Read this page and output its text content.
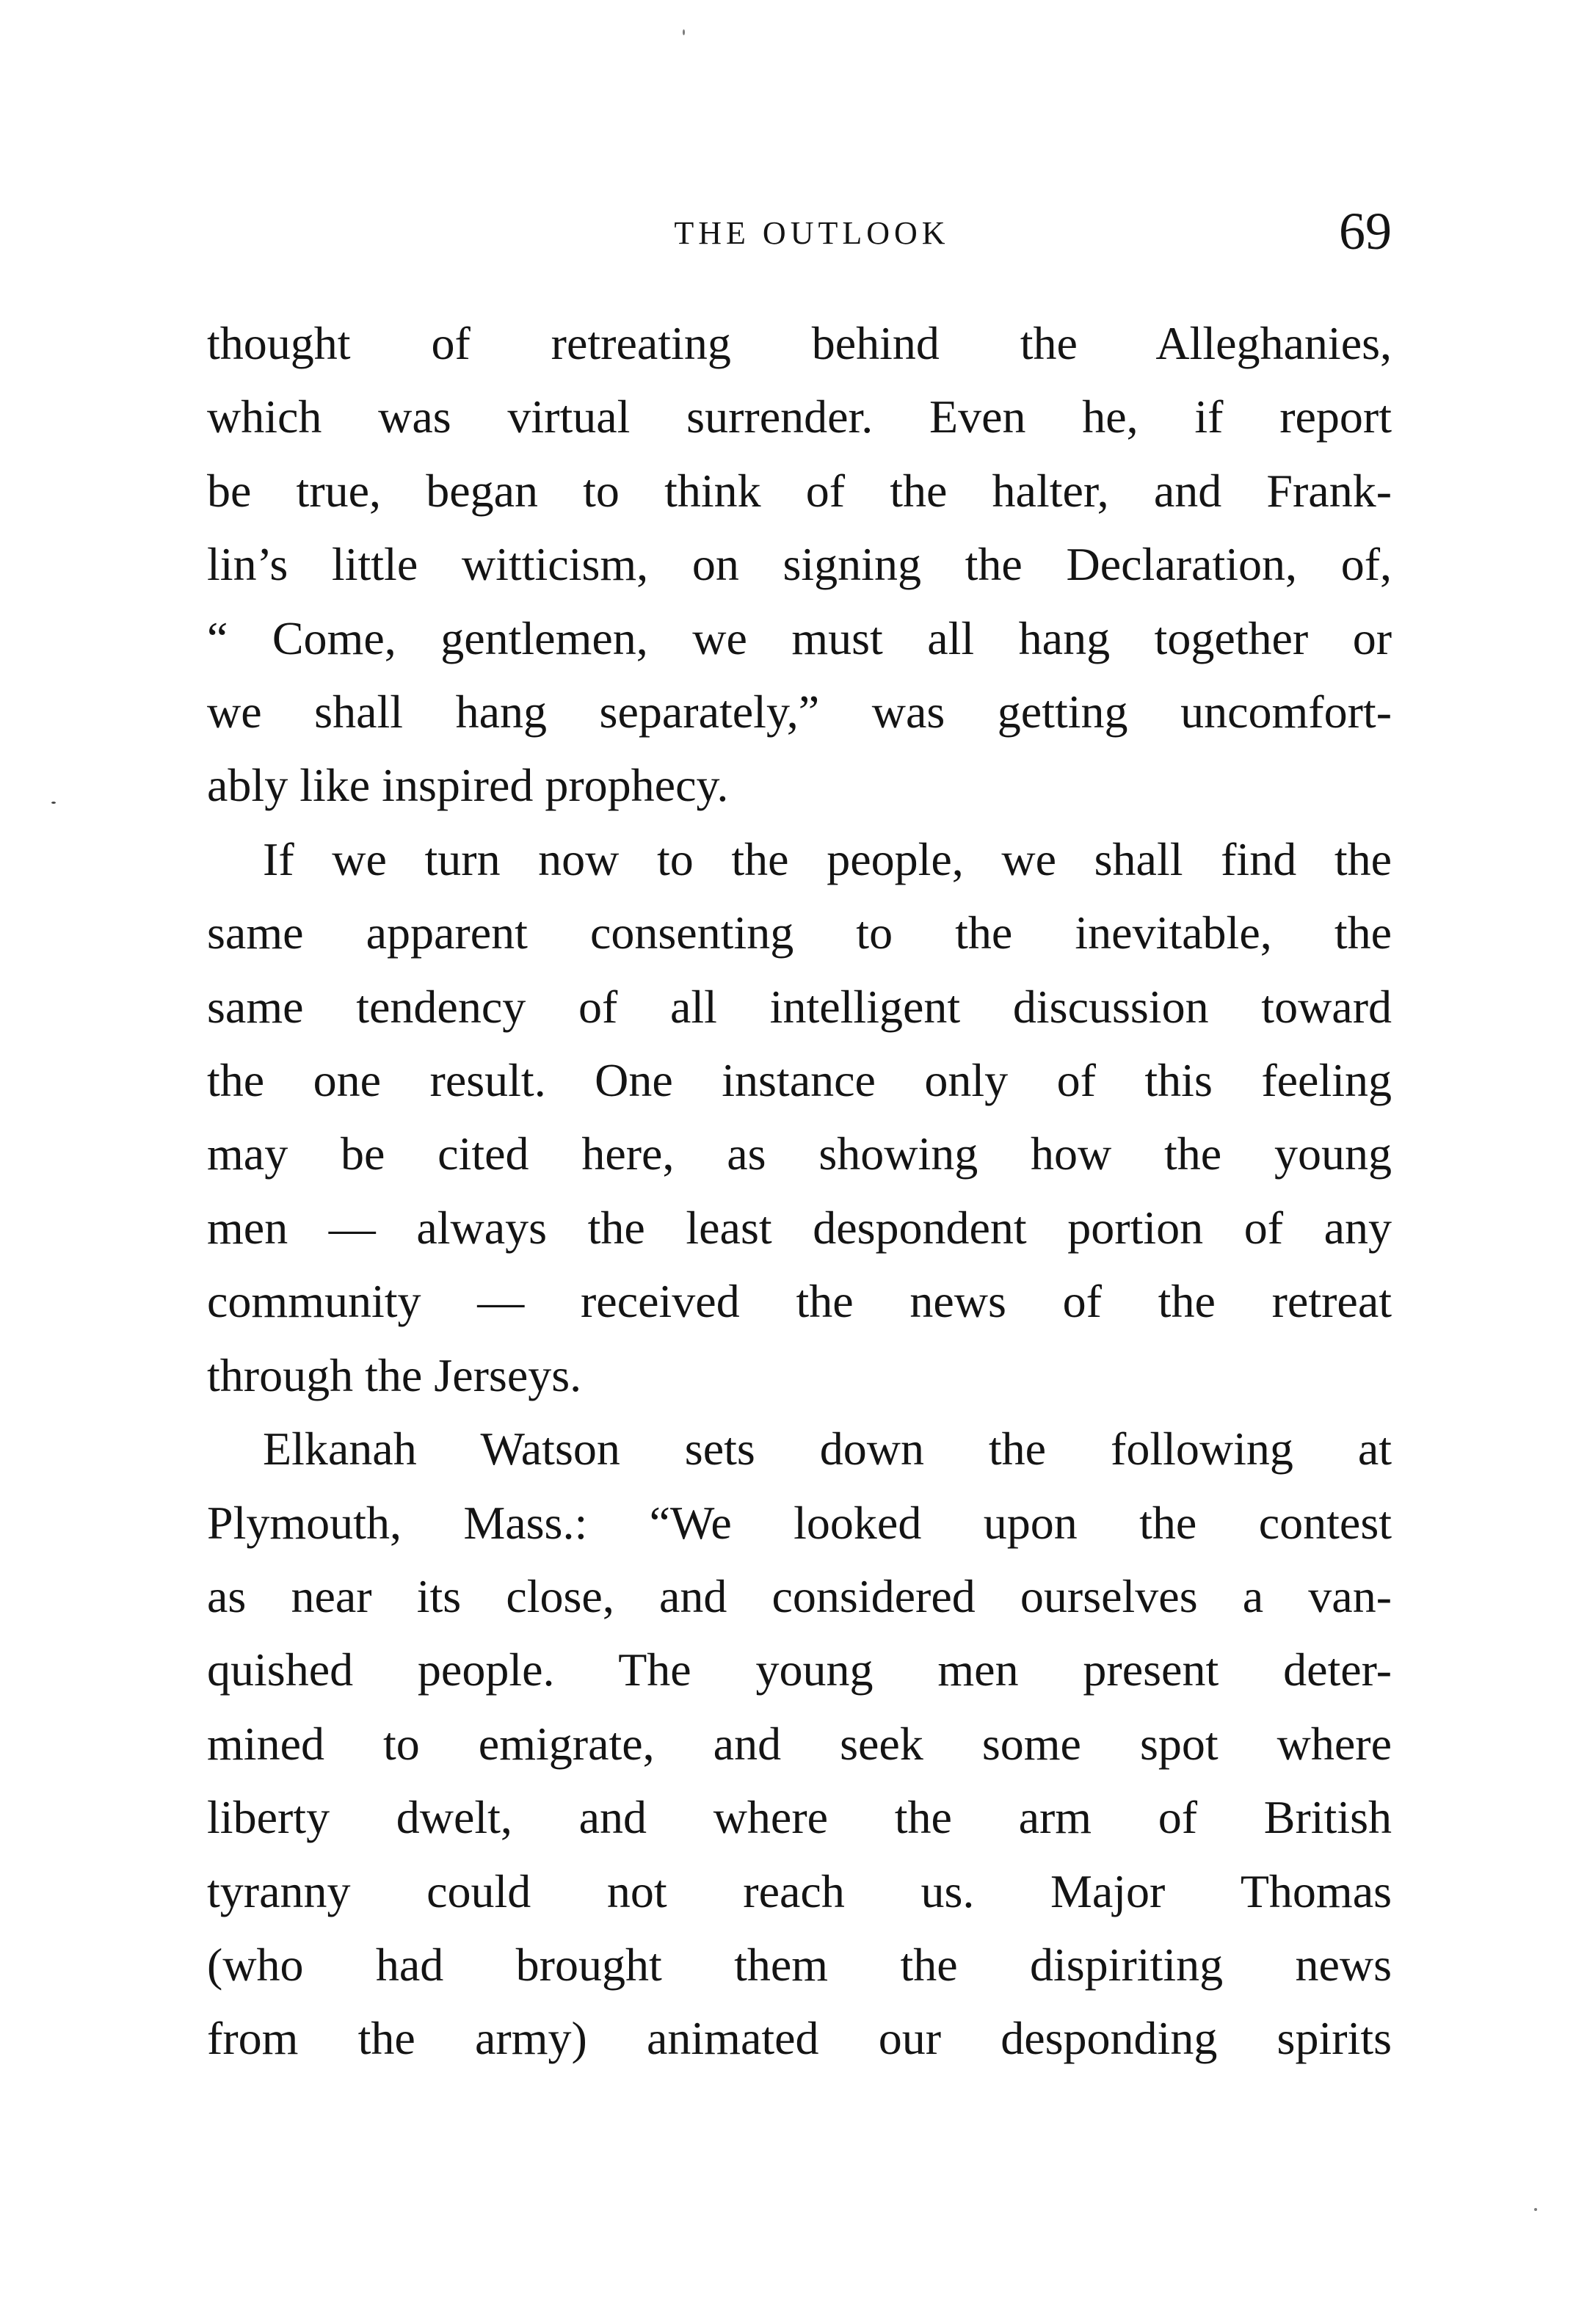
THE OUTLOOK	69
thought of retreating behind the Alleghanies,
which was virtual surrender. Even he, if report
be true, began to think of the halter, and Frank-
lin’s little witticism, on signing the Declaration, of,
“ Come, gentlemen, we must all hang together or
we shall hang separately,” was getting uncomfort-
ably like inspired prophecy.
If we turn now to the people, we shall find the
same apparent consenting to the inevitable, the
same tendency of all intelligent discussion toward
the one result. One instance only of this feeling
may be cited here, as showing how the young
men — always the least despondent portion of any
community — received the news of the retreat
through the Jerseys.
Elkanah Watson sets down the following at
Plymouth, Mass.: “We looked upon the contest
as near its close, and considered ourselves a van-
quished people. The young men present deter-
mined to emigrate, and seek some spot where
liberty dwelt, and where the arm of British
tyranny could not reach us. Major Thomas
(who had brought them the dispiriting news
from the army) animated our desponding spirits
